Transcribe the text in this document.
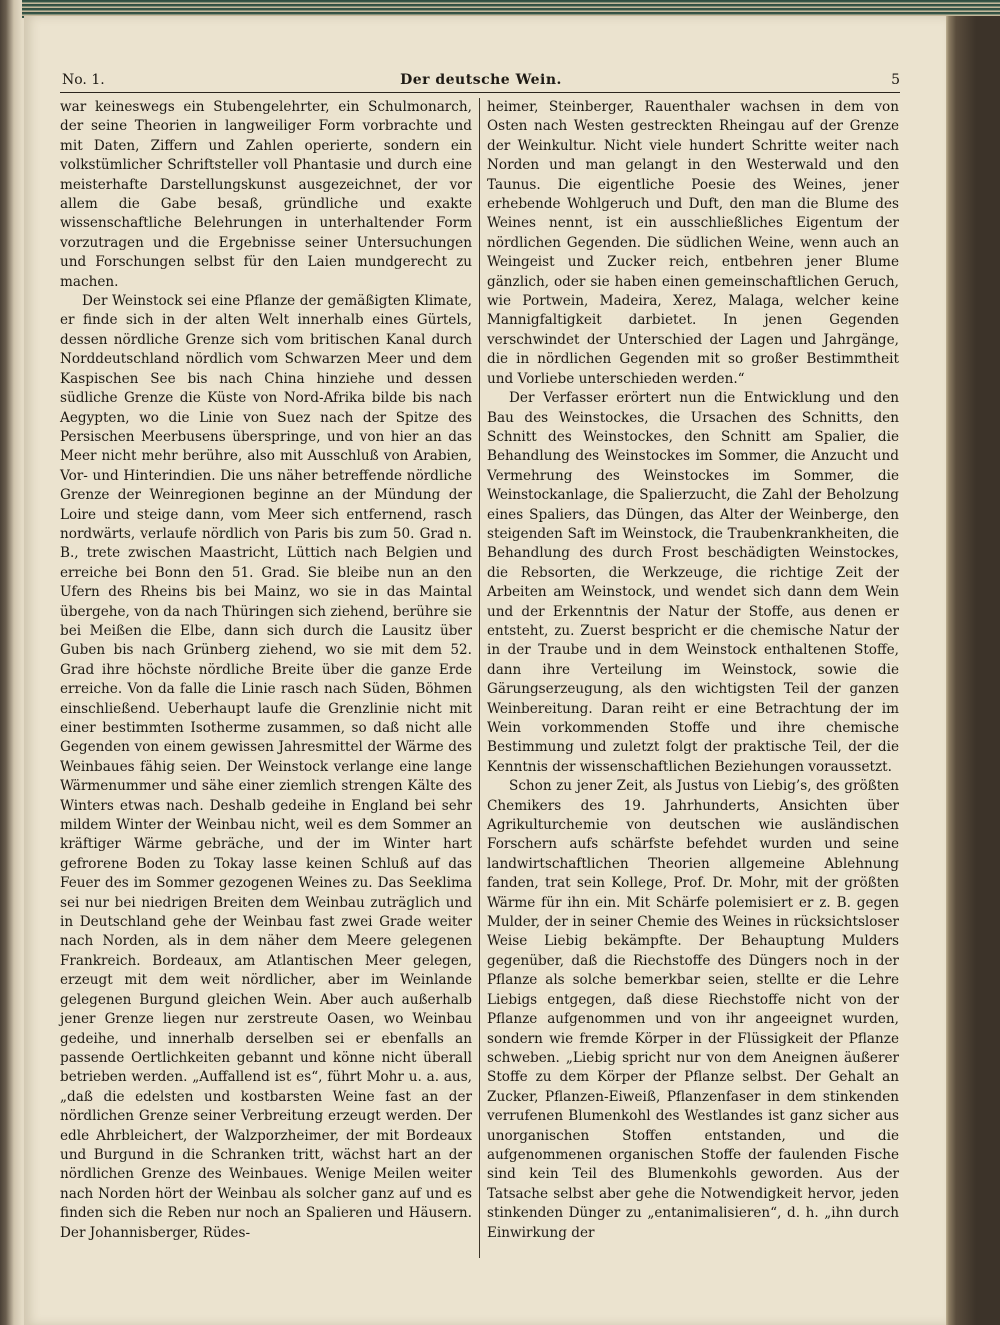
No. 1.	Der deutsche Wein.	5

war keineswegs ein Stubengelehrter, ein Schulmonarch, der seine Theorien in langweiliger Form vorbrachte und mit Daten, Ziffern und Zahlen operierte, sondern ein volkstümlicher Schriftsteller voll Phantasie und durch eine meisterhafte Darstellungskunst ausgezeichnet, der vor allem die Gabe besaß, gründliche und exakte wissenschaftliche Belehrungen in unterhaltender Form vorzutragen und die Ergebnisse seiner Untersuchungen und Forschungen selbst für den Laien mundgerecht zu machen.

Der Weinstock sei eine Pflanze der gemäßigten Klimate, er finde sich in der alten Welt innerhalb eines Gürtels, dessen nördliche Grenze sich vom britischen Kanal durch Norddeutschland nördlich vom Schwarzen Meer und dem Kaspischen See bis nach China hinziehe und dessen südliche Grenze die Küste von Nord-Afrika bilde bis nach Aegypten, wo die Linie von Suez nach der Spitze des Persischen Meerbusens überspringe, und von hier an das Meer nicht mehr berühre, also mit Ausschluß von Arabien, Vor- und Hinterindien. Die uns näher betreffende nördliche Grenze der Weinregionen beginne an der Mündung der Loire und steige dann, vom Meer sich entfernend, rasch nordwärts, verlaufe nördlich von Paris bis zum 50. Grad n. B., trete zwischen Maastricht, Lüttich nach Belgien und erreiche bei Bonn den 51. Grad. Sie bleibe nun an den Ufern des Rheins bis bei Mainz, wo sie in das Maintal übergehe, von da nach Thüringen sich ziehend, berühre sie bei Meißen die Elbe, dann sich durch die Lausitz über Guben bis nach Grünberg ziehend, wo sie mit dem 52. Grad ihre höchste nördliche Breite über die ganze Erde erreiche. Von da falle die Linie rasch nach Süden, Böhmen einschließend. Ueberhaupt laufe die Grenzlinie nicht mit einer bestimmten Isotherme zusammen, so daß nicht alle Gegenden von einem gewissen Jahresmittel der Wärme des Weinbaues fähig seien. Der Weinstock verlange eine lange Wärmenummer und sähe einer ziemlich strengen Kälte des Winters etwas nach. Deshalb gedeihe in England bei sehr mildem Winter der Weinbau nicht, weil es dem Sommer an kräftiger Wärme gebräche, und der im Winter hart gefrorene Boden zu Tokay lasse keinen Schluß auf das Feuer des im Sommer gezogenen Weines zu. Das Seeklima sei nur bei niedrigen Breiten dem Weinbau zuträglich und in Deutschland gehe der Weinbau fast zwei Grade weiter nach Norden, als in dem näher dem Meere gelegenen Frankreich. Bordeaux, am Atlantischen Meer gelegen, erzeugt mit dem weit nördlicher, aber im Weinlande gelegenen Burgund gleichen Wein. Aber auch außerhalb jener Grenze liegen nur zerstreute Oasen, wo Weinbau gedeihe, und innerhalb derselben sei er ebenfalls an passende Oertlichkeiten gebannt und könne nicht überall betrieben werden. „Auffallend ist es“, führt Mohr u. a. aus, „daß die edelsten und kostbarsten Weine fast an der nördlichen Grenze seiner Verbreitung erzeugt werden. Der edle Ahrbleichert, der Walzporzheimer, der mit Bordeaux und Burgund in die Schranken tritt, wächst hart an der nördlichen Grenze des Weinbaues. Wenige Meilen weiter nach Norden hört der Weinbau als solcher ganz auf und es finden sich die Reben nur noch an Spalieren und Häusern. Der Johannisberger, Rüdes-

heimer, Steinberger, Rauenthaler wachsen in dem von Osten nach Westen gestreckten Rheingau auf der Grenze der Weinkultur. Nicht viele hundert Schritte weiter nach Norden und man gelangt in den Westerwald und den Taunus. Die eigentliche Poesie des Weines, jener erhebende Wohlgeruch und Duft, den man die Blume des Weines nennt, ist ein ausschließliches Eigentum der nördlichen Gegenden. Die südlichen Weine, wenn auch an Weingeist und Zucker reich, entbehren jener Blume gänzlich, oder sie haben einen gemeinschaftlichen Geruch, wie Portwein, Madeira, Xerez, Malaga, welcher keine Mannigfaltigkeit darbietet. In jenen Gegenden verschwindet der Unterschied der Lagen und Jahrgänge, die in nördlichen Gegenden mit so großer Bestimmtheit und Vorliebe unterschieden werden.“

Der Verfasser erörtert nun die Entwicklung und den Bau des Weinstockes, die Ursachen des Schnitts, den Schnitt des Weinstockes, den Schnitt am Spalier, die Behandlung des Weinstockes im Sommer, die Anzucht und Vermehrung des Weinstockes im Sommer, die Weinstockanlage, die Spalierzucht, die Zahl der Beholzung eines Spaliers, das Düngen, das Alter der Weinberge, den steigenden Saft im Weinstock, die Traubenkrankheiten, die Behandlung des durch Frost beschädigten Weinstockes, die Rebsorten, die Werkzeuge, die richtige Zeit der Arbeiten am Weinstock, und wendet sich dann dem Wein und der Erkenntnis der Natur der Stoffe, aus denen er entsteht, zu. Zuerst bespricht er die chemische Natur der in der Traube und in dem Weinstock enthaltenen Stoffe, dann ihre Verteilung im Weinstock, sowie die Gärungserzeugung, als den wichtigsten Teil der ganzen Weinbereitung. Daran reiht er eine Betrachtung der im Wein vorkommenden Stoffe und ihre chemische Bestimmung und zuletzt folgt der praktische Teil, der die Kenntnis der wissenschaftlichen Beziehungen voraussetzt.

Schon zu jener Zeit, als Justus von Liebig’s, des größten Chemikers des 19. Jahrhunderts, Ansichten über Agrikulturchemie von deutschen wie ausländischen Forschern aufs schärfste befehdet wurden und seine landwirtschaftlichen Theorien allgemeine Ablehnung fanden, trat sein Kollege, Prof. Dr. Mohr, mit der größten Wärme für ihn ein. Mit Schärfe polemisiert er z. B. gegen Mulder, der in seiner Chemie des Weines in rücksichtsloser Weise Liebig bekämpfte. Der Behauptung Mulders gegenüber, daß die Riechstoffe des Düngers noch in der Pflanze als solche bemerkbar seien, stellte er die Lehre Liebigs entgegen, daß diese Riechstoffe nicht von der Pflanze aufgenommen und von ihr angeeignet wurden, sondern wie fremde Körper in der Flüssigkeit der Pflanze schweben. „Liebig spricht nur von dem Aneignen äußerer Stoffe zu dem Körper der Pflanze selbst. Der Gehalt an Zucker, Pflanzen-Eiweiß, Pflanzenfaser in dem stinkenden verrufenen Blumenkohl des Westlandes ist ganz sicher aus unorganischen Stoffen entstanden, und die aufgenommenen organischen Stoffe der faulenden Fische sind kein Teil des Blumenkohls geworden. Aus der Tatsache selbst aber gehe die Notwendigkeit hervor, jeden stinkenden Dünger zu „entanimalisieren“, d. h. „ihn durch Einwirkung der
